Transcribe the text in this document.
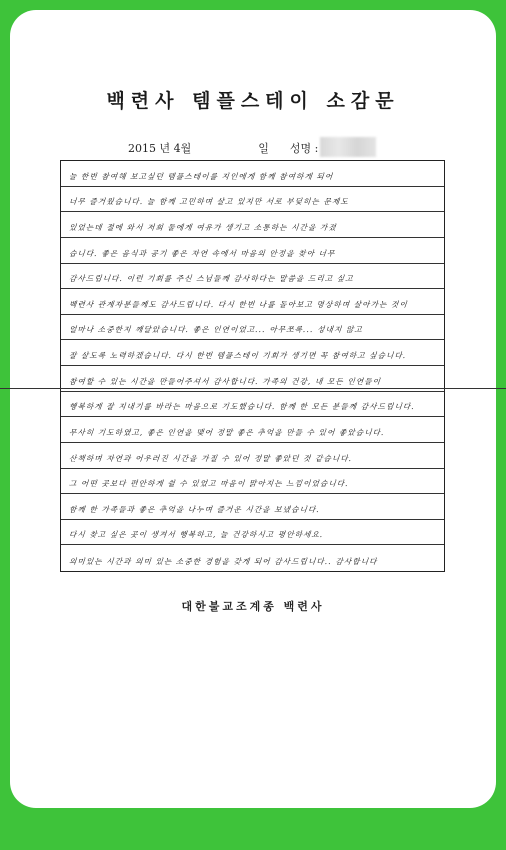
백련사 템플스테이 소감문
2015 년 4월	일 성명 :
늘 한번 참여해 보고싶던 템플스테이를 지인에게 함께 참여하게 되어
너무 즐거웠습니다. 늘 함께 고민하며 살고 있지만 서로 부딪히는 문제도
있었는데 절에 와서 저희 둘에게 여유가 생기고 소통하는 시간을 가졌
습니다. 좋은 음식과 공기 좋은 자연 속에서 마음의 안정을 찾아 너무
감사드립니다. 이런 기회를 주신 스님들께 감사하다는 말씀을 드리고 싶고
백련사 관계자분들께도 감사드립니다. 다시 한번 나를 돌아보고 명상하며 살아가는 것이
얼마나 소중한지 깨달았습니다. 좋은 인연이었고... 아무쪼록... 성내지 않고
잘 살도록 노력하겠습니다. 다시 한번 템플스테이 기회가 생기면 꼭 참여하고 싶습니다.
참여할 수 있는 시간을 만들어주셔서 감사합니다. 가족의 건강, 내 모든 인연들이
행복하게 잘 지내기를 바라는 마음으로 기도했습니다. 함께 한 모든 분들께 감사드립니다.
무사히 기도하였고, 좋은 인연을 맺어 정말 좋은 추억을 만들 수 있어 좋았습니다.
산책하며 자연과 어우러진 시간을 가질 수 있어 정말 좋았던 것 같습니다.
그 어떤 곳보다 편안하게 쉴 수 있었고 마음이 맑아지는 느낌이었습니다.
함께 한 가족들과 좋은 추억을 나누며 즐거운 시간을 보냈습니다.
다시 찾고 싶은 곳이 생겨서 행복하고, 늘 건강하시고 평안하세요.
의미있는 시간과 의미 있는 소중한 경험을 갖게 되어 감사드립니다.. 감사합니다
대한불교조계종 백련사
